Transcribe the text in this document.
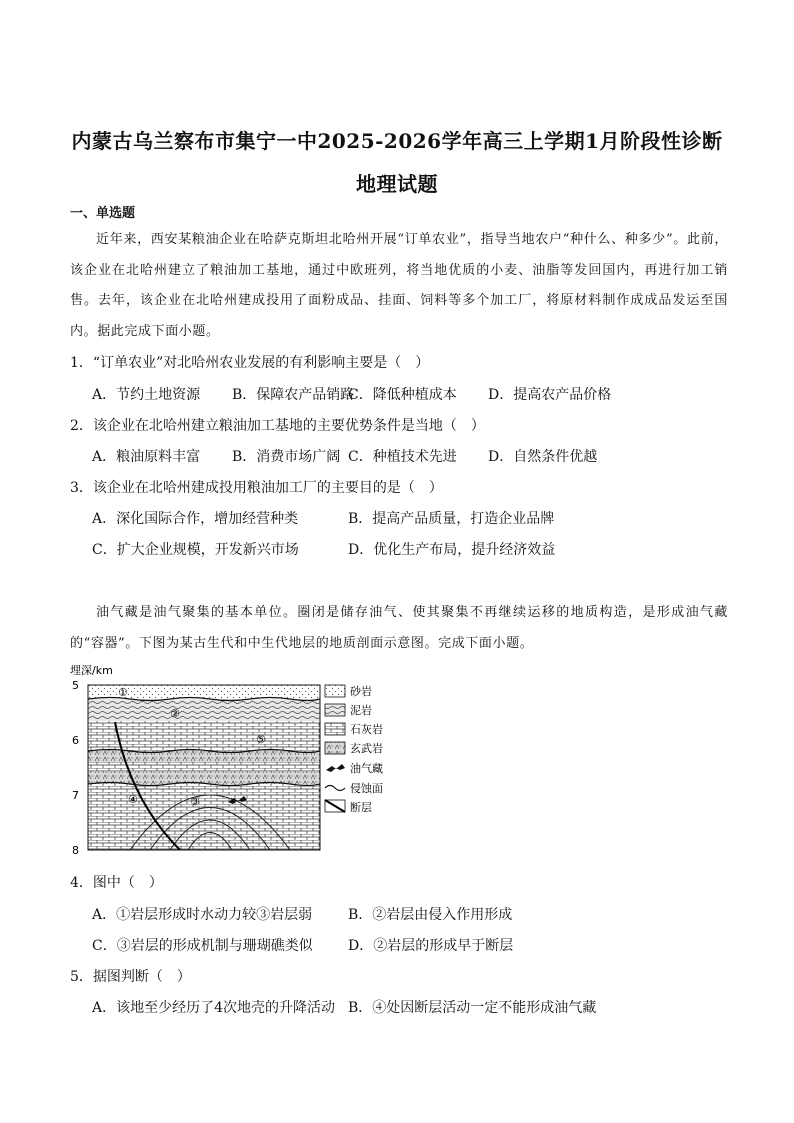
内蒙古乌兰察布市集宁一中2025-2026学年高三上学期1月阶段性诊断
地理试题
一、单选题
近年来，西安某粮油企业在哈萨克斯坦北哈州开展“订单农业”，指导当地农户“种什么、种多少”。此前，该企业在北哈州建立了粮油加工基地，通过中欧班列，将当地优质的小麦、油脂等发回国内，再进行加工销售。去年，该企业在北哈州建成投用了面粉成品、挂面、饲料等多个加工厂，将原材料制作成成品发运至国内。据此完成下面小题。
1．“订单农业”对北哈州农业发展的有利影响主要是（　）
A．节约土地资源 B．保障农产品销路
C．降低种植成本 D．提高农产品价格
2．该企业在北哈州建立粮油加工基地的主要优势条件是当地（　）
A．粮油原料丰富 B．消费市场广阔 C．种植技术先进 D．自然条件优越
3．该企业在北哈州建成投用粮油加工厂的主要目的是（　）
A．深化国际合作，增加经营种类	B．提高产品质量，打造企业品牌
C．扩大企业规模，开发新兴市场	D．优化生产布局，提升经济效益
油气藏是油气聚集的基本单位。圈闭是储存油气、使其聚集不再继续运移的地质构造，是形成油气藏的“容器”。下图为某古生代和中生代地层的地质剖面示意图。完成下面小题。
埋深/km
5
6
7
8
①
②
③
④
⑤
砂岩
泥岩
石灰岩
玄武岩
油气藏
侵蚀面
断层
4．图中（　）
A．①岩层形成时水动力较③岩层弱	B．②岩层由侵入作用形成
C．③岩层的形成机制与珊瑚礁类似	D．②岩层的形成早于断层
5．据图判断（　）
A．该地至少经历了4次地壳的升降活动 B．④处因断层活动一定不能形成油气藏
